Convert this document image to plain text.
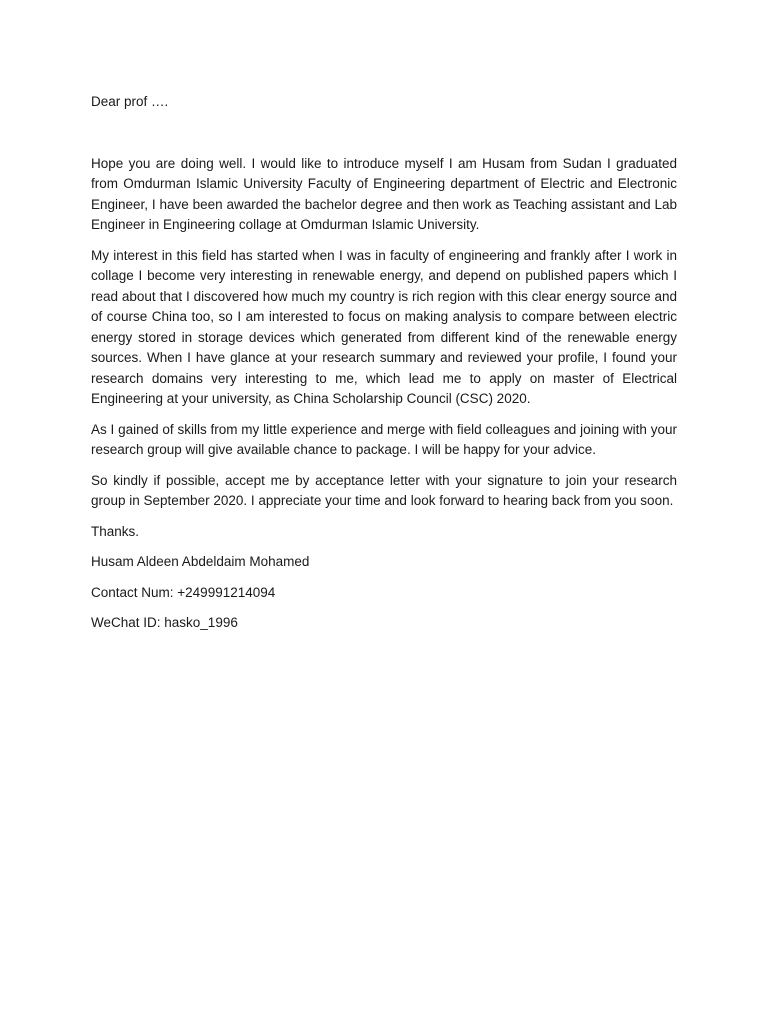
Dear prof ….

Hope you are doing well. I would like to introduce myself I am Husam from Sudan I graduated from Omdurman Islamic University Faculty of Engineering department of Electric and Electronic Engineer, I have been awarded the bachelor degree and then work as Teaching assistant and Lab Engineer in Engineering collage at Omdurman Islamic University.

My interest in this field has started when I was in faculty of engineering and frankly after I work in collage I become very interesting in renewable energy, and depend on published papers which I read about that I discovered how much my country is rich region with this clear energy source and of course China too, so I am interested to focus on making analysis to compare between electric energy stored in storage devices which generated from different kind of the renewable energy sources. When I have glance at your research summary and reviewed your profile, I found your research domains very interesting to me, which lead me to apply on master of Electrical Engineering at your university, as China Scholarship Council (CSC) 2020.

As I gained of skills from my little experience and merge with field colleagues and joining with your research group will give available chance to package. I will be happy for your advice.

So kindly if possible, accept me by acceptance letter with your signature to join your research group in September 2020. I appreciate your time and look forward to hearing back from you soon.

Thanks.

Husam Aldeen Abdeldaim Mohamed

Contact Num: +249991214094

WeChat ID: hasko_1996
